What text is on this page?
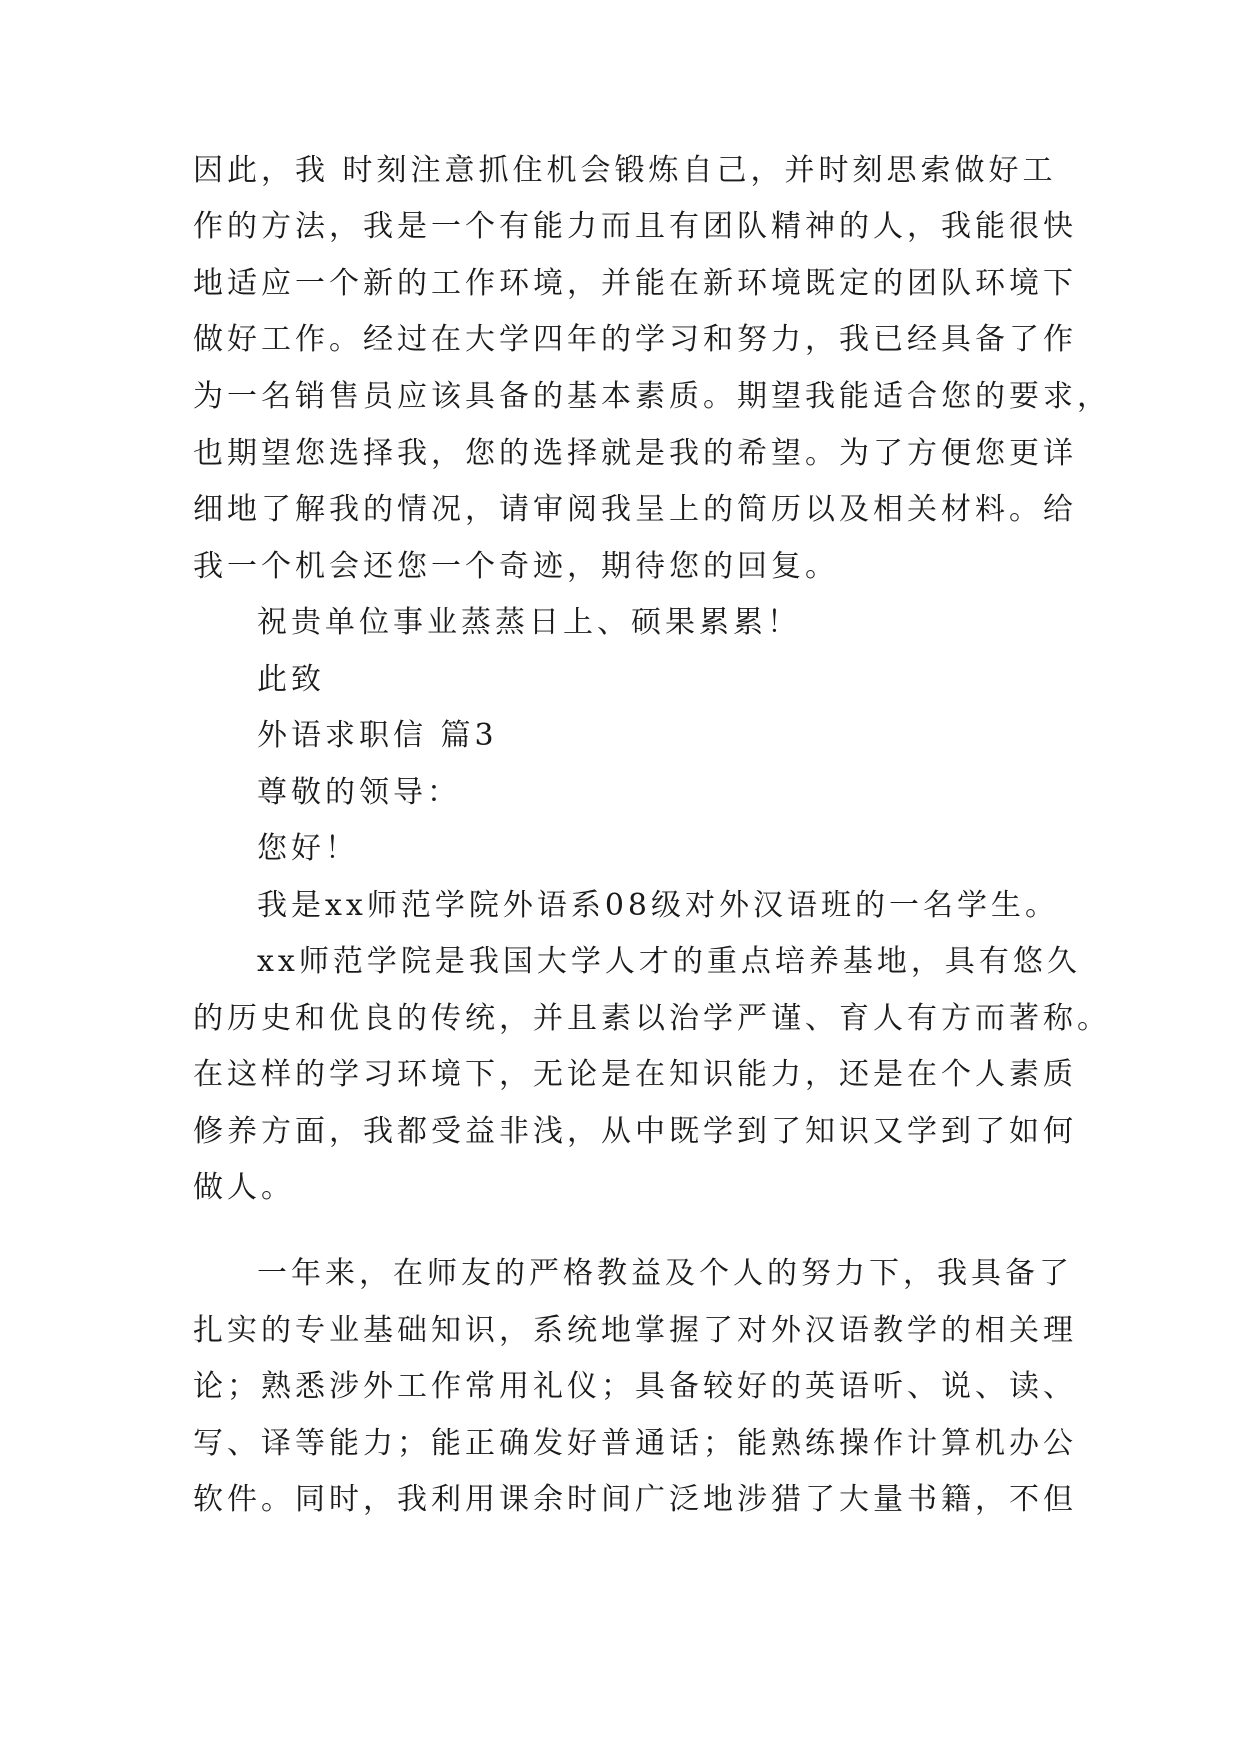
因此，我 时刻注意抓住机会锻炼自己，并时刻思索做好工
作的方法，我是一个有能力而且有团队精神的人，我能很快
地适应一个新的工作环境，并能在新环境既定的团队环境下
做好工作。经过在大学四年的学习和努力，我已经具备了作
为一名销售员应该具备的基本素质。期望我能适合您的要求，
也期望您选择我，您的选择就是我的希望。为了方便您更详
细地了解我的情况，请审阅我呈上的简历以及相关材料。给
我一个机会还您一个奇迹，期待您的回复。
祝贵单位事业蒸蒸日上、硕果累累！
此致
外语求职信 篇3
尊敬的领导：
您好！
我是xx师范学院外语系08级对外汉语班的一名学生。
xx师范学院是我国大学人才的重点培养基地，具有悠久
的历史和优良的传统，并且素以治学严谨、育人有方而著称。
在这样的学习环境下，无论是在知识能力，还是在个人素质
修养方面，我都受益非浅，从中既学到了知识又学到了如何
做人。
一年来，在师友的严格教益及个人的努力下，我具备了
扎实的专业基础知识，系统地掌握了对外汉语教学的相关理
论；熟悉涉外工作常用礼仪；具备较好的英语听、说、读、
写、译等能力；能正确发好普通话；能熟练操作计算机办公
软件。同时，我利用课余时间广泛地涉猎了大量书籍，不但
